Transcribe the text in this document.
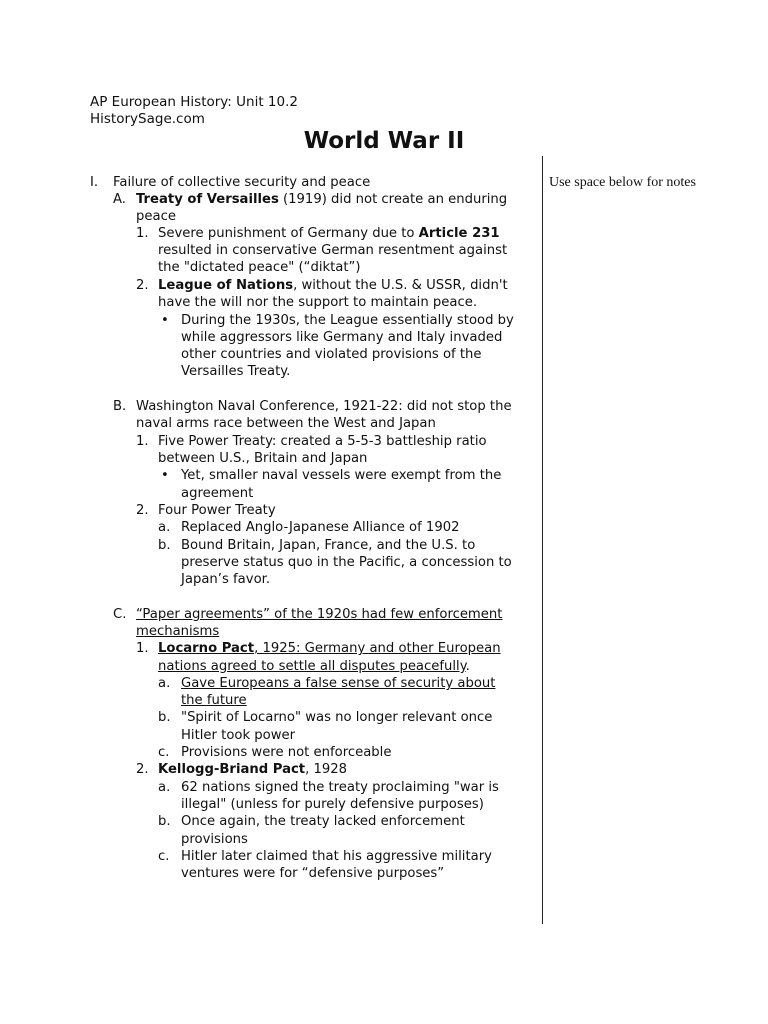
AP European History: Unit 10.2
HistorySage.com
World War II
Use space below for notes
I. Failure of collective security and peace
A. Treaty of Versailles (1919) did not create an enduring
peace
1. Severe punishment of Germany due to Article 231
resulted in conservative German resentment against
the "dictated peace" (“diktat”)
2. League of Nations, without the U.S. & USSR, didn't
have the will nor the support to maintain peace.
• During the 1930s, the League essentially stood by
while aggressors like Germany and Italy invaded
other countries and violated provisions of the
Versailles Treaty.
B. Washington Naval Conference, 1921-22: did not stop the
naval arms race between the West and Japan
1. Five Power Treaty: created a 5-5-3 battleship ratio
between U.S., Britain and Japan
• Yet, smaller naval vessels were exempt from the
agreement
2. Four Power Treaty
a. Replaced Anglo-Japanese Alliance of 1902
b. Bound Britain, Japan, France, and the U.S. to
preserve status quo in the Pacific, a concession to
Japan’s favor.
C. “Paper agreements” of the 1920s had few enforcement
mechanisms
1. Locarno Pact, 1925: Germany and other European
nations agreed to settle all disputes peacefully.
a. Gave Europeans a false sense of security about
the future
b. "Spirit of Locarno" was no longer relevant once
Hitler took power
c. Provisions were not enforceable
2. Kellogg-Briand Pact, 1928
a. 62 nations signed the treaty proclaiming "war is
illegal" (unless for purely defensive purposes)
b. Once again, the treaty lacked enforcement
provisions
c. Hitler later claimed that his aggressive military
ventures were for “defensive purposes”
